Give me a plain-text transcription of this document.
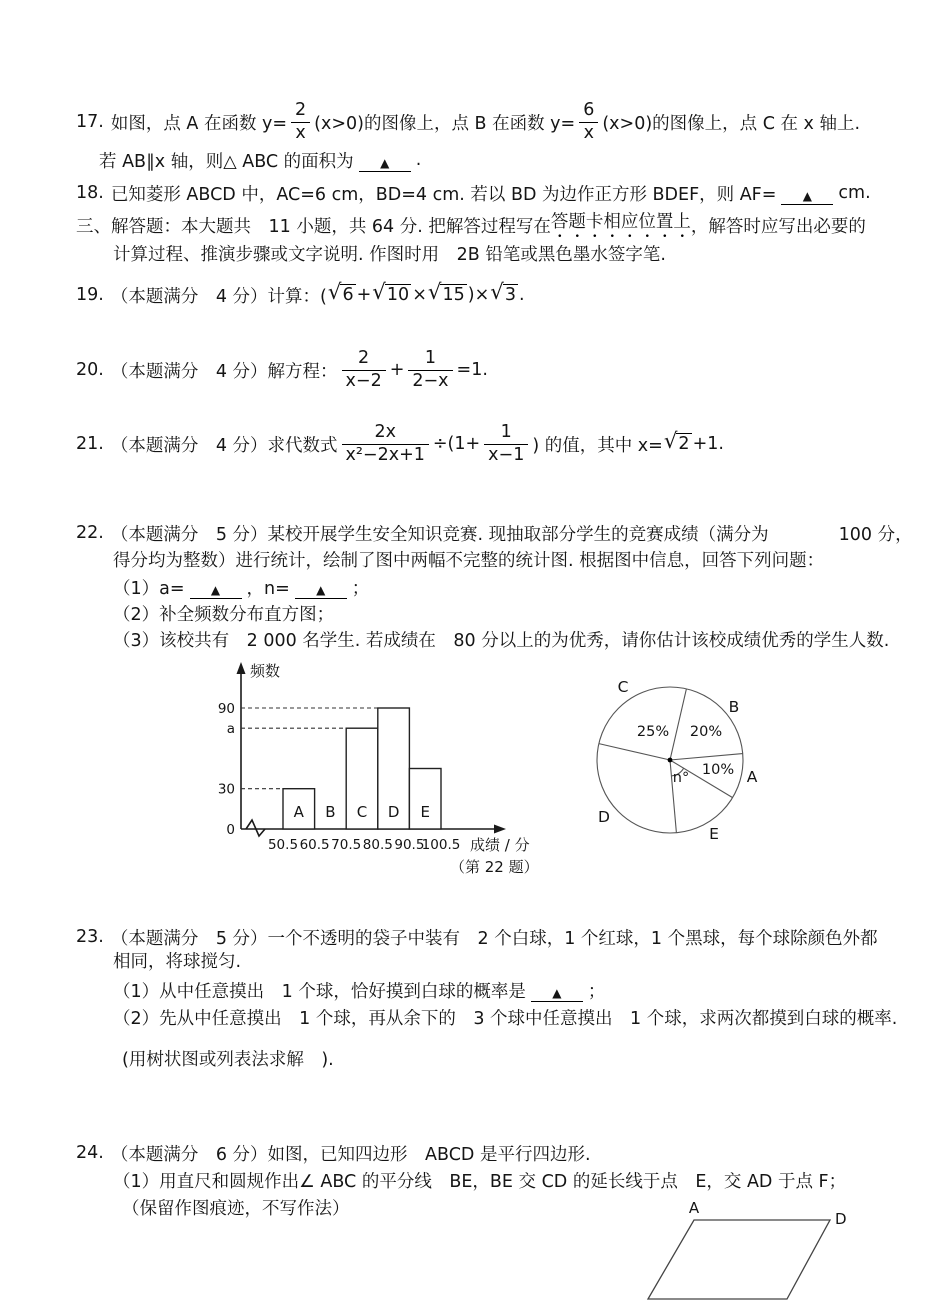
17. 如图，点 A 在函数 $y= \frac{2}{x} (x>0)$的图像上，点 B 在函数 $y= \frac{6}{x} (x>0)$的图像上，点 C 在 x 轴上.
若 AB∥x 轴，则△ ABC 的面积为	▲	.
18. 已知菱形 ABCD 中，AC=6 cm，BD=4 cm. 若以 BD 为边作正方形 BDEF，则 AF=	▲	cm.
三、解答题：本大题共　11 小题，共 64 分. 把解答过程写在 答题卡相应位置上 ，解答时应写出必要的
计算过程、推演步骤或文字说明. 作图时用　2B 铅笔或黑色墨水签字笔.
19. （本题满分　4 分）计算：( √ 6 + √ 10 × √ 15 )× √ 3 .
20. （本题满分　4 分）解方程： $\frac{2}{x-2} + \frac{1}{2-x} =1$.
21. （本题满分　4 分）求代数式 $\frac{2x}{\text{x²−2x+1}} \div(1+ \frac{1}{x-1}$ ) 的值，其中 x= √ 2 +1.
22. （本题满分　5 分）某校开展学生安全知识竞赛. 现抽取部分学生的竞赛成绩（满分为　　　　100 分，
得分均为整数）进行统计，绘制了图中两幅不完整的统计图. 根据图中信息，回答下列问题：
（1）a=	▲	，n=	▲	；
（2）补全频数分布直方图；
（3）该校共有　2 000 名学生. 若成绩在　80 分以上的为优秀，请你估计该校成绩优秀的学生人数.
0
30
a
90
A B C D E
50.5 60.5 70.5 80.5 90.5
100.5
频数
成绩 / 分
（第 22 题）
C
B
A
E
D
25% 20%
10%
n°
23. （本题满分　5 分）一个不透明的袋子中装有　2 个白球，1 个红球，1 个黑球，每个球除颜色外都
相同，将球搅匀.
（1）从中任意摸出　1 个球，恰好摸到白球的概率是	▲	；
（2）先从中任意摸出　1 个球，再从余下的　3 个球中任意摸出　1 个球，求两次都摸到白球的概率.
(用树状图或列表法求解　).
24. （本题满分　6 分）如图，已知四边形　ABCD 是平行四边形.
（1）用直尺和圆规作出∠ ABC 的平分线　BE，BE 交 CD 的延长线于点　E，交 AD 于点 F；
（保留作图痕迹，不写作法）	A
D
